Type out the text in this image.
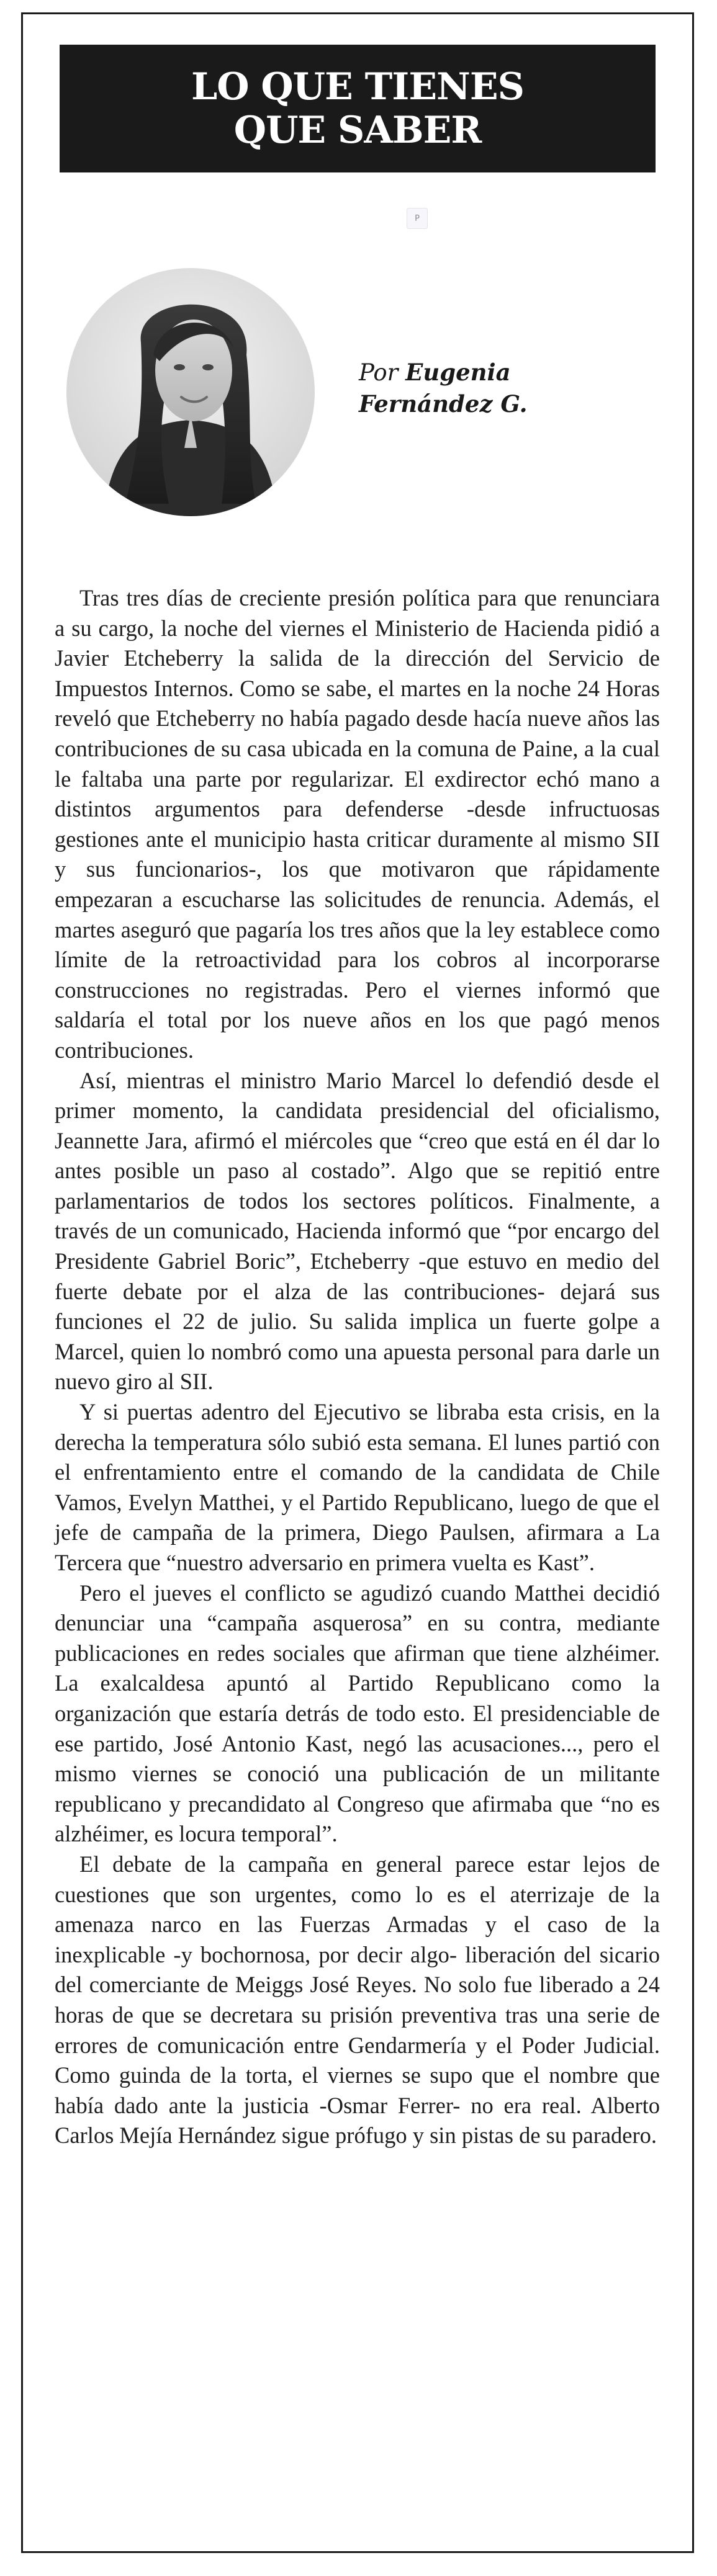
LO QUE TIENES
QUE SABER
P
Por Eugenia
Fernández G.

Tras tres días de creciente presión política para que renunciara a su cargo, la noche del viernes el Ministerio de Hacienda pidió a Javier Etcheberry la salida de la dirección del Servicio de Impuestos Internos. Como se sabe, el martes en la noche 24 Horas reveló que Etcheberry no había pagado desde hacía nueve años las contribuciones de su casa ubicada en la comuna de Paine, a la cual le faltaba una parte por regularizar. El exdirector echó mano a distintos argumentos para defenderse -desde infructuosas gestiones ante el municipio hasta criticar duramente al mismo SII y sus funcionarios-, los que motivaron que rápidamente empezaran a escucharse las solicitudes de renuncia. Además, el martes aseguró que pagaría los tres años que la ley establece como límite de la retroactividad para los cobros al incorporarse construcciones no registradas. Pero el viernes informó que saldaría el total por los nueve años en los que pagó menos contribuciones.

Así, mientras el ministro Mario Marcel lo defendió desde el primer momento, la candidata presidencial del oficialismo, Jeannette Jara, afirmó el miércoles que “creo que está en él dar lo antes posible un paso al costado”. Algo que se repitió entre parlamentarios de todos los sectores políticos. Finalmente, a través de un comunicado, Hacienda informó que “por encargo del Presidente Gabriel Boric”, Etcheberry -que estuvo en medio del fuerte debate por el alza de las contribuciones- dejará sus funciones el 22 de julio. Su salida implica un fuerte golpe a Marcel, quien lo nombró como una apuesta personal para darle un nuevo giro al SII.

Y si puertas adentro del Ejecutivo se libraba esta crisis, en la derecha la temperatura sólo subió esta semana. El lunes partió con el enfrentamiento entre el comando de la candidata de Chile Vamos, Evelyn Matthei, y el Partido Republicano, luego de que el jefe de campaña de la primera, Diego Paulsen, afirmara a La Tercera que “nuestro adversario en primera vuelta es Kast”.

Pero el jueves el conflicto se agudizó cuando Matthei decidió denunciar una “campaña asquerosa” en su contra, mediante publicaciones en redes sociales que afirman que tiene alzhéimer. La exalcaldesa apuntó al Partido Republicano como la organización que estaría detrás de todo esto. El presidenciable de ese partido, José Antonio Kast, negó las acusaciones..., pero el mismo viernes se conoció una publicación de un militante republicano y precandidato al Congreso que afirmaba que “no es alzhéimer, es locura temporal”.

El debate de la campaña en general parece estar lejos de cuestiones que son urgentes, como lo es el aterrizaje de la amenaza narco en las Fuerzas Armadas y el caso de la inexplicable -y bochornosa, por decir algo- liberación del sicario del comerciante de Meiggs José Reyes. No solo fue liberado a 24 horas de que se decretara su prisión preventiva tras una serie de errores de comunicación entre Gendarmería y el Poder Judicial. Como guinda de la torta, el viernes se supo que el nombre que había dado ante la justicia -Osmar Ferrer- no era real. Alberto Carlos Mejía Hernández sigue prófugo y sin pistas de su paradero.
